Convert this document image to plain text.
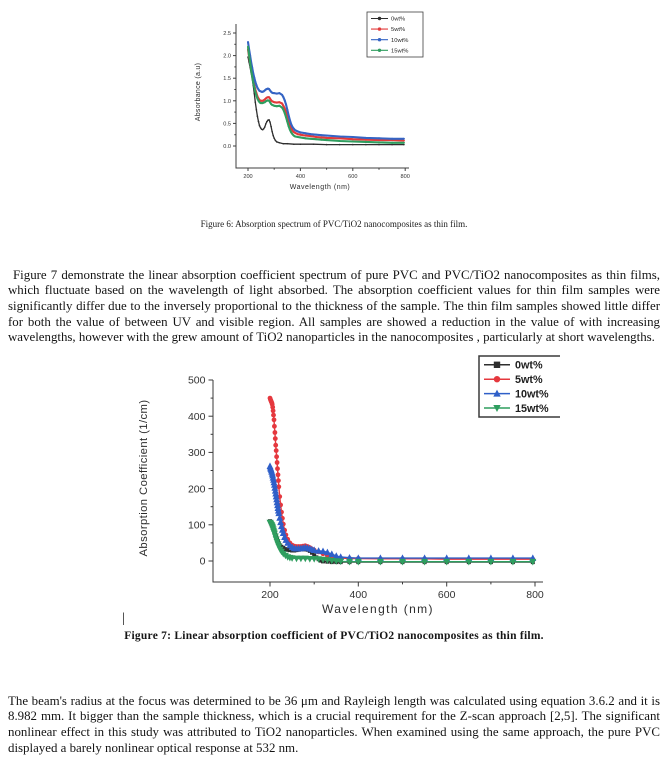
200	400	600	800
0.0
0.5
1.0
1.5
2.0
2.5
Wavelength (nm)
Absorbance (a.u)
0wt%
5wt%
10wt%
15wt%
Figure 6: Absorption spectrum of PVC/TiO2 nanocomposites as thin film.

Figure 7 demonstrate the linear absorption coefficient spectrum of pure PVC and PVC/TiO2 nanocomposites as thin films, which fluctuate based on the wavelength of light absorbed. The absorption coefficient values for thin film samples were significantly differ due to the inversely proportional to the thickness of the sample. The thin film samples showed little differ for both the value of between UV and visible region. All samples are showed a reduction in the value of with increasing wavelengths, however with the grew amount of TiO2 nanoparticles in the nanocomposites , particularly at short wavelengths.

200	400	600	800
0
100
200
300
400
500
Wavelength (nm)
Absorption Coefficient (1/cm)
0wt%
5wt%
10wt%
15wt%
|
Figure 7: Linear absorption coefficient of PVC/TiO2 nanocomposites as thin film.

The beam's radius at the focus was determined to be 36 μm and Rayleigh length was calculated using equation 3.6.2 and it is 8.982 mm. It bigger than the sample thickness, which is a crucial requirement for the Z-scan approach [2,5]. The significant nonlinear effect in this study was attributed to TiO2 nanoparticles. When examined using the same approach, the pure PVC displayed a barely nonlinear optical response at 532 nm.
